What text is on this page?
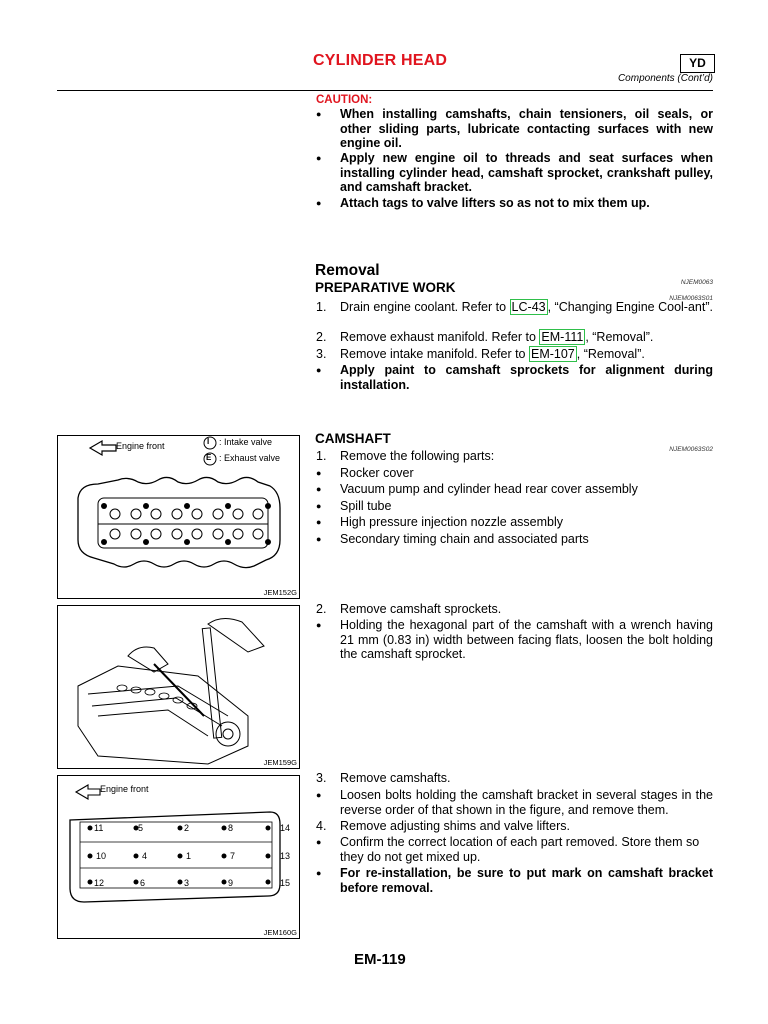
CYLINDER HEAD	YD
Components (Cont’d)
CAUTION:
●
When installing camshafts, chain tensioners, oil seals, or other sliding parts, lubricate contacting surfaces with new engine oil.
●
Apply new engine oil to threads and seat surfaces when installing cylinder head, camshaft sprocket, crankshaft pulley, and camshaft bracket.
●
Attach tags to valve lifters so as not to mix them up.
Removal
NJEM0063
PREPARATIVE WORK
NJEM0063S01
1.	Drain engine coolant. Refer to LC-43 , “Changing Engine Cool-ant”.
2.	Remove exhaust manifold. Refer to EM-111 , “Removal”.
3.	Remove intake manifold. Refer to EM-107 , “Removal”.
●
Apply paint to camshaft sprockets for alignment during installation.
CAMSHAFT
NJEM0063S02
1.	Remove the following parts:
●
Rocker cover
●
Vacuum pump and cylinder head rear cover assembly
●
Spill tube
●
High pressure injection nozzle assembly
●
Secondary timing chain and associated parts
2.	Remove camshaft sprockets.
●
Holding the hexagonal part of the camshaft with a wrench having 21 mm (0.83 in) width between facing flats, loosen the bolt holding the camshaft sprocket.
3.	Remove camshafts.
●
Loosen bolts holding the camshaft bracket in several stages in the reverse order of that shown in the figure, and remove them.
4.	Remove adjusting shims and valve lifters.
●
Confirm the correct location of each part removed. Store them so they do not get mixed up.
●
For re-installation, be sure to put mark on camshaft bracket before removal.
Engine front	I : Intake valve
E : Exhaust valve
JEM152G
JEM159G
Engine front
11	5	2	8	14
10	4	1	7	13
12	6	3	9	15
JEM160G
EM-119
